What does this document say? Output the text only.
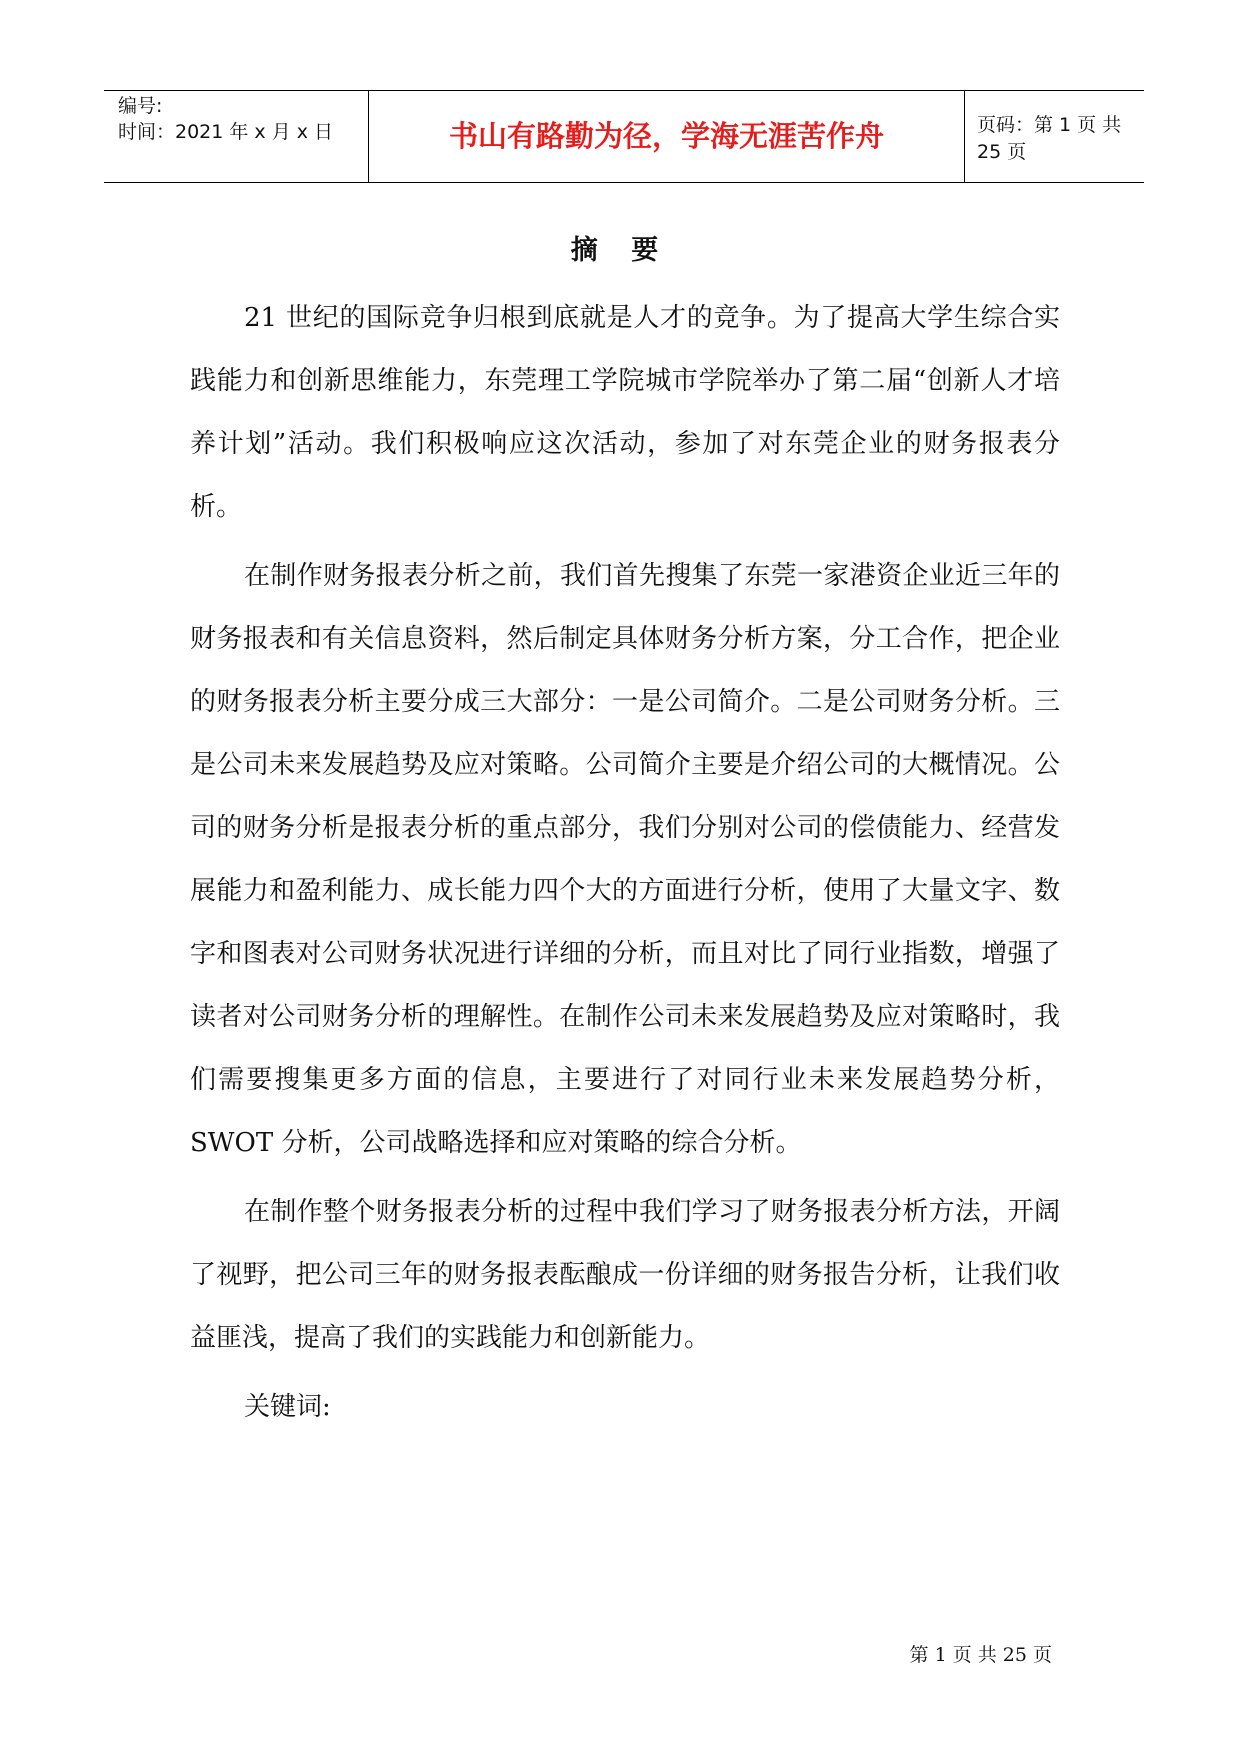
编号:
时间：2021 年 x 月 x 日	书山有路勤为径，学海无涯苦作舟	页码：第 1 页 共 25 页
摘 要

21 世纪的国际竞争归根到底就是人才的竞争。为了提高大学生综合实践能力和创新思维能力，东莞理工学院城市学院举办了第二届“创新人才培养计划”活动。我们积极响应这次活动，参加了对东莞企业的财务报表分析。

在制作财务报表分析之前，我们首先搜集了东莞一家港资企业近三年的财务报表和有关信息资料，然后制定具体财务分析方案，分工合作，把企业的财务报表分析主要分成三大部分：一是公司简介。二是公司财务分析。三是公司未来发展趋势及应对策略。公司简介主要是介绍公司的大概情况。公司的财务分析是报表分析的重点部分，我们分别对公司的偿债能力、经营发展能力和盈利能力、成长能力四个大的方面进行分析，使用了大量文字、数字和图表对公司财务状况进行详细的分析，而且对比了同行业指数，增强了读者对公司财务分析的理解性。在制作公司未来发展趋势及应对策略时，我们需要搜集更多方面的信息，主要进行了对同行业未来发展趋势分析，SWOT 分析，公司战略选择和应对策略的综合分析。

在制作整个财务报表分析的过程中我们学习了财务报表分析方法，开阔了视野，把公司三年的财务报表酝酿成一份详细的财务报告分析，让我们收益匪浅，提高了我们的实践能力和创新能力。

关键词:

第 1 页 共 25 页
